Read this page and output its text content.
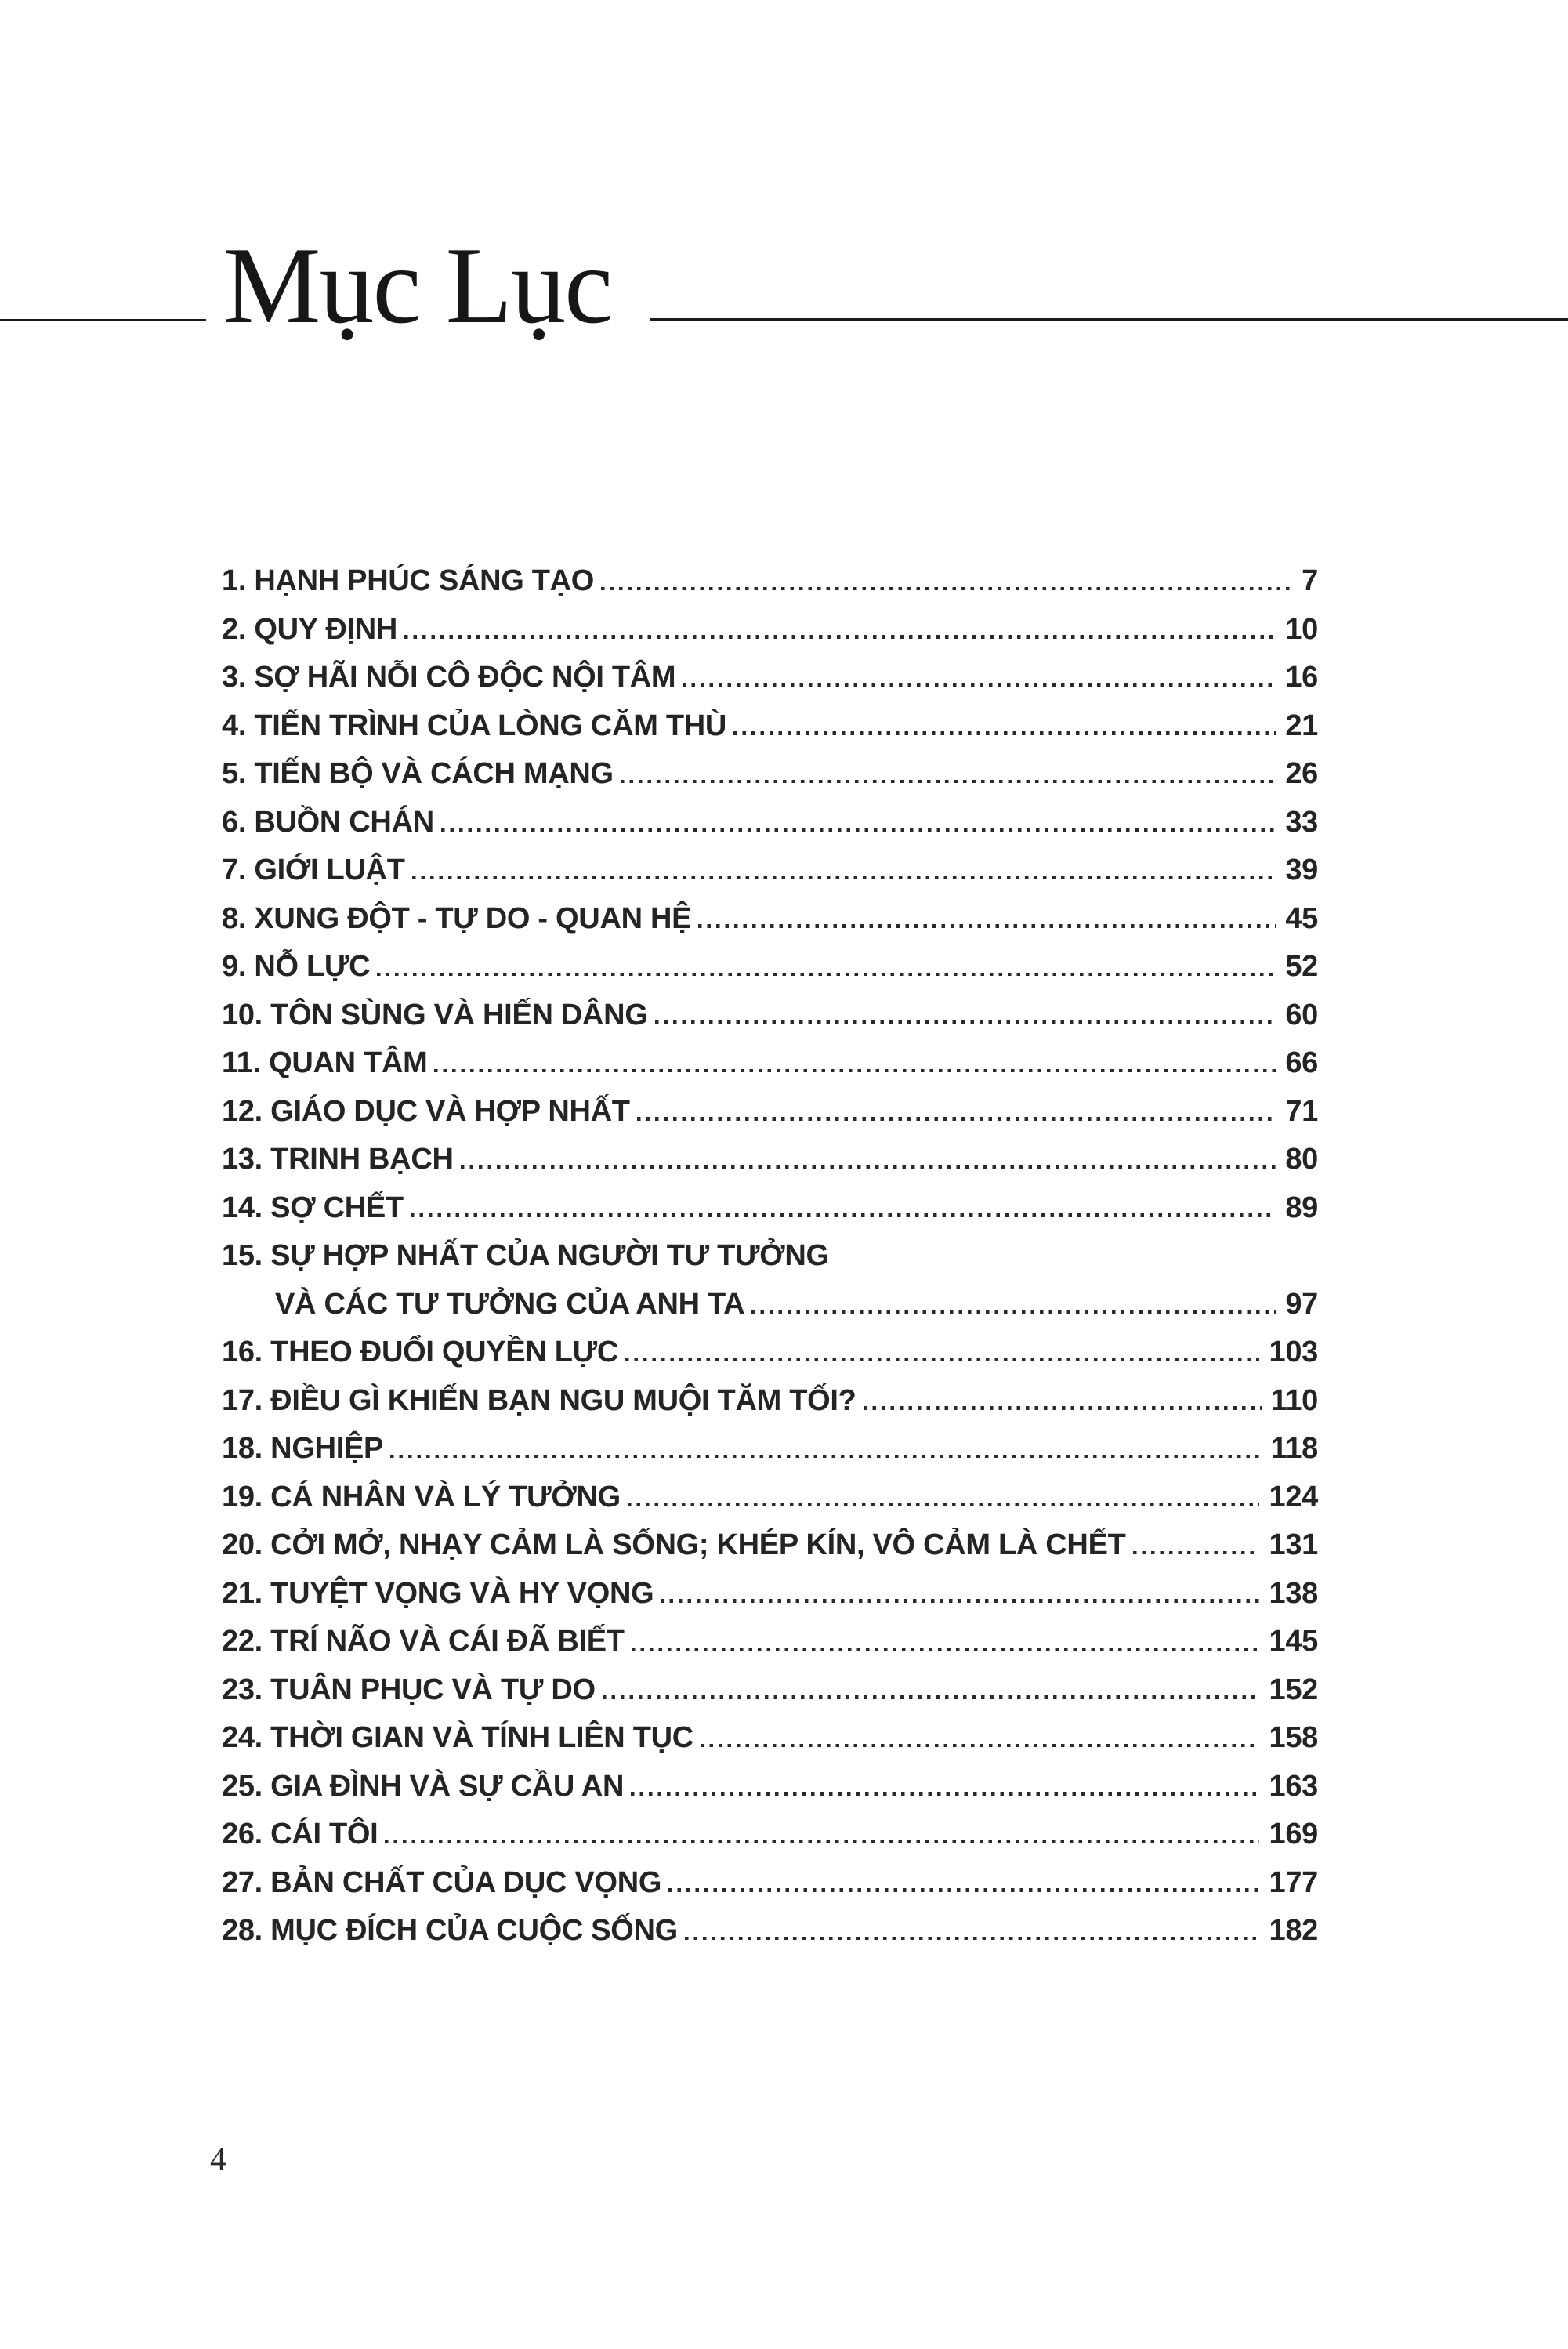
Mục Lục
1. HẠNH PHÚC SÁNG TẠO	7
2. QUY ĐỊNH	10
3. SỢ HÃI NỖI CÔ ĐỘC NỘI TÂM	16
4. TIẾN TRÌNH CỦA LÒNG CĂM THÙ	21
5. TIẾN BỘ VÀ CÁCH MẠNG	26
6. BUỒN CHÁN	33
7. GIỚI LUẬT	39
8. XUNG ĐỘT - TỰ DO - QUAN HỆ	45
9. NỖ LỰC	52
10. TÔN SÙNG VÀ HIẾN DÂNG	60
11. QUAN TÂM	66
12. GIÁO DỤC VÀ HỢP NHẤT	71
13. TRINH BẠCH	80
14. SỢ CHẾT	89
15. SỰ HỢP NHẤT CỦA NGƯỜI TƯ TƯỞNG
VÀ CÁC TƯ TƯỞNG CỦA ANH TA	97
16. THEO ĐUỔI QUYỀN LỰC	103
17. ĐIỀU GÌ KHIẾN BẠN NGU MUỘI TĂM TỐI?	110
18. NGHIỆP	118
19. CÁ NHÂN VÀ LÝ TƯỞNG	124
20. CỞI MỞ, NHẠY CẢM LÀ SỐNG; KHÉP KÍN, VÔ CẢM LÀ CHẾT	131
21. TUYỆT VỌNG VÀ HY VỌNG	138
22. TRÍ NÃO VÀ CÁI ĐÃ BIẾT	145
23. TUÂN PHỤC VÀ TỰ DO	152
24. THỜI GIAN VÀ TÍNH LIÊN TỤC	158
25. GIA ĐÌNH VÀ SỰ CẦU AN	163
26. CÁI TÔI	169
27. BẢN CHẤT CỦA DỤC VỌNG	177
28. MỤC ĐÍCH CỦA CUỘC SỐNG	182
4
